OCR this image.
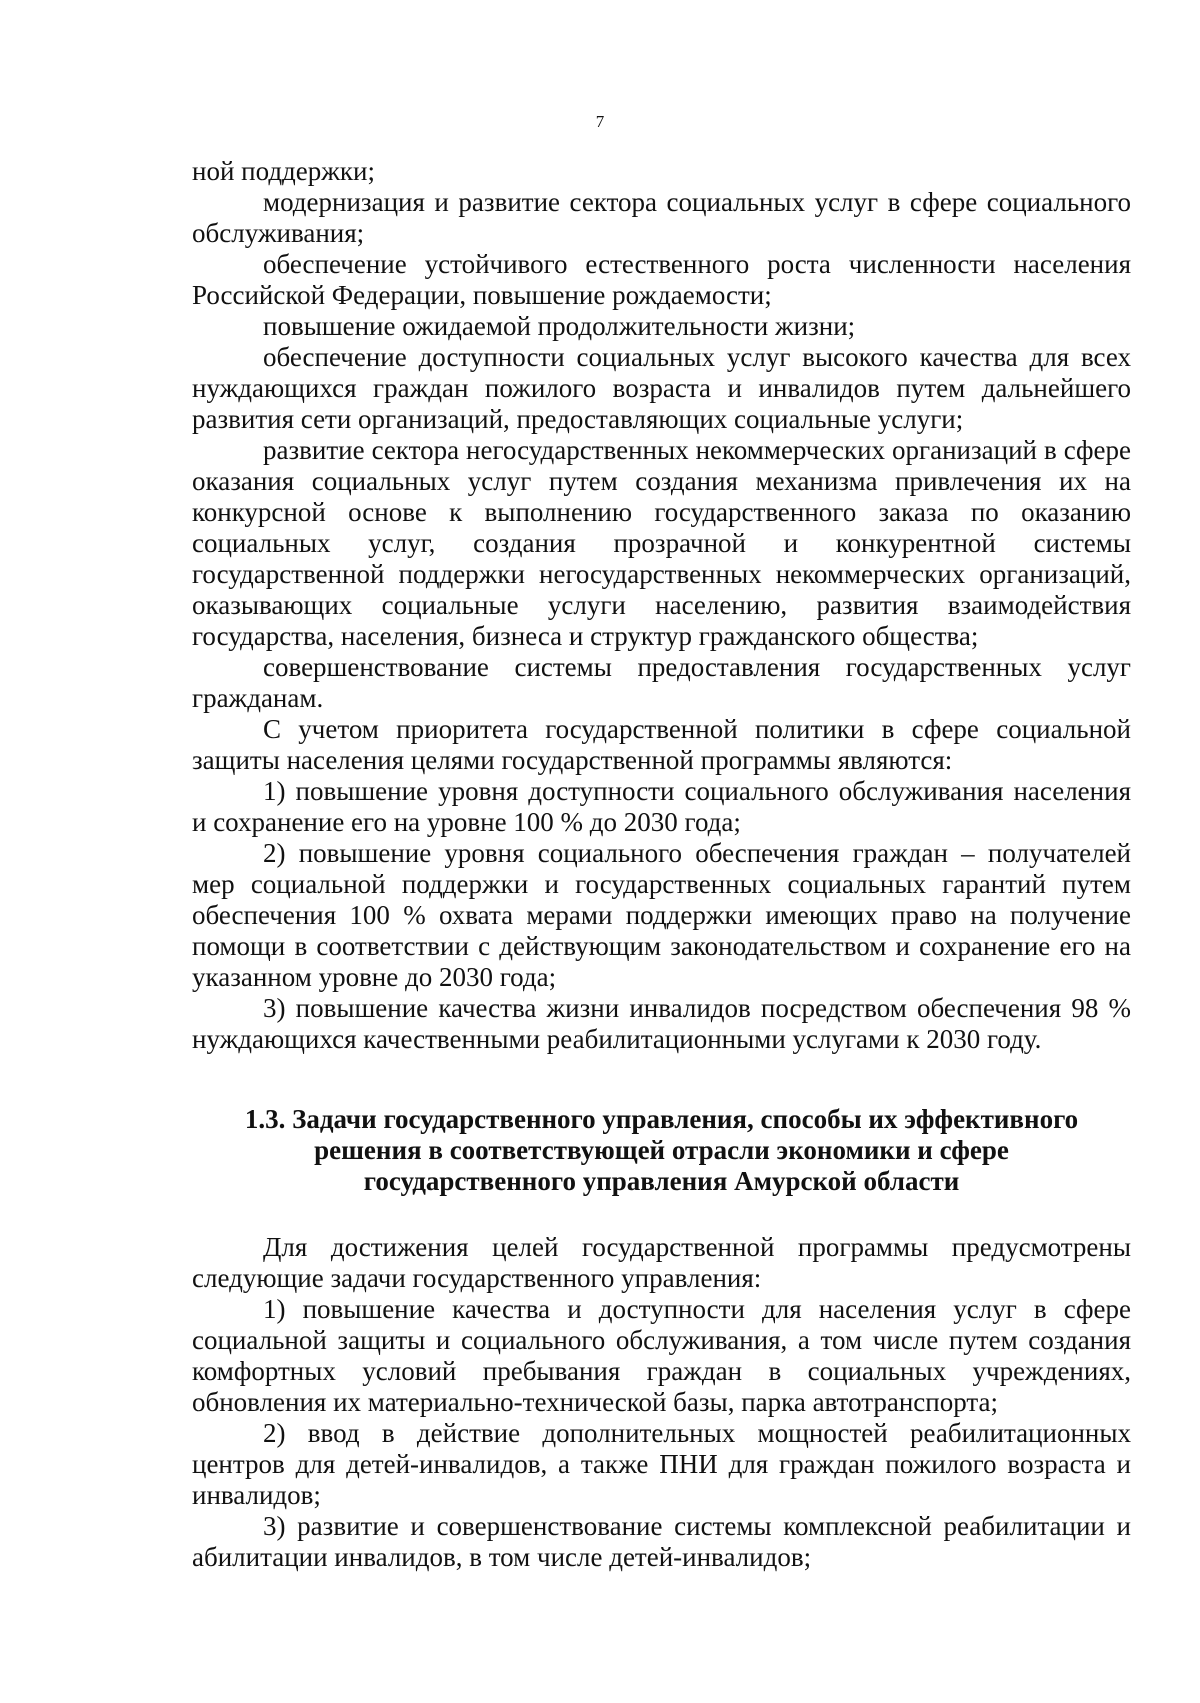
7

ной поддержки;

модернизация и развитие сектора социальных услуг в сфере социального обслуживания;

обеспечение устойчивого естественного роста численности населения Российской Федерации, повышение рождаемости;

повышение ожидаемой продолжительности жизни;

обеспечение доступности социальных услуг высокого качества для всех нуждающихся граждан пожилого возраста и инвалидов путем дальнейшего развития сети организаций, предоставляющих социальные услуги;

развитие сектора негосударственных некоммерческих организаций в сфере оказания социальных услуг путем создания механизма привлечения их на конкурсной основе к выполнению государственного заказа по оказанию социальных услуг, создания прозрачной и конкурентной системы государственной поддержки негосударственных некоммерческих организаций, оказывающих социальные услуги населению, развития взаимодействия государства, населения, бизнеса и структур гражданского общества;

совершенствование системы предоставления государственных услуг гражданам.

С учетом приоритета государственной политики в сфере социальной защиты населения целями государственной программы являются:

1) повышение уровня доступности социального обслуживания населения и сохранение его на уровне 100 % до 2030 года;

2) повышение уровня социального обеспечения граждан – получателей мер социальной поддержки и государственных социальных гарантий путем обеспечения 100 % охвата мерами поддержки имеющих право на получение помощи в соответствии с действующим законодательством и сохранение его на указанном уровне до 2030 года;

3) повышение качества жизни инвалидов посредством обеспечения 98 % нуждающихся качественными реабилитационными услугами к 2030 году.

1.3. Задачи государственного управления, способы их эффективного
решения в соответствующей отрасли экономики и сфере
государственного управления Амурской области

Для достижения целей государственной программы предусмотрены следующие задачи государственного управления:

1) повышение качества и доступности для населения услуг в сфере социальной защиты и социального обслуживания, а том числе путем создания комфортных условий пребывания граждан в социальных учреждениях, обновления их материально-технической базы, парка автотранспорта;

2) ввод в действие дополнительных мощностей реабилитационных центров для детей-инвалидов, а также ПНИ для граждан пожилого возраста и инвалидов;

3) развитие и совершенствование системы комплексной реабилитации и абилитации инвалидов, в том числе детей-инвалидов;
